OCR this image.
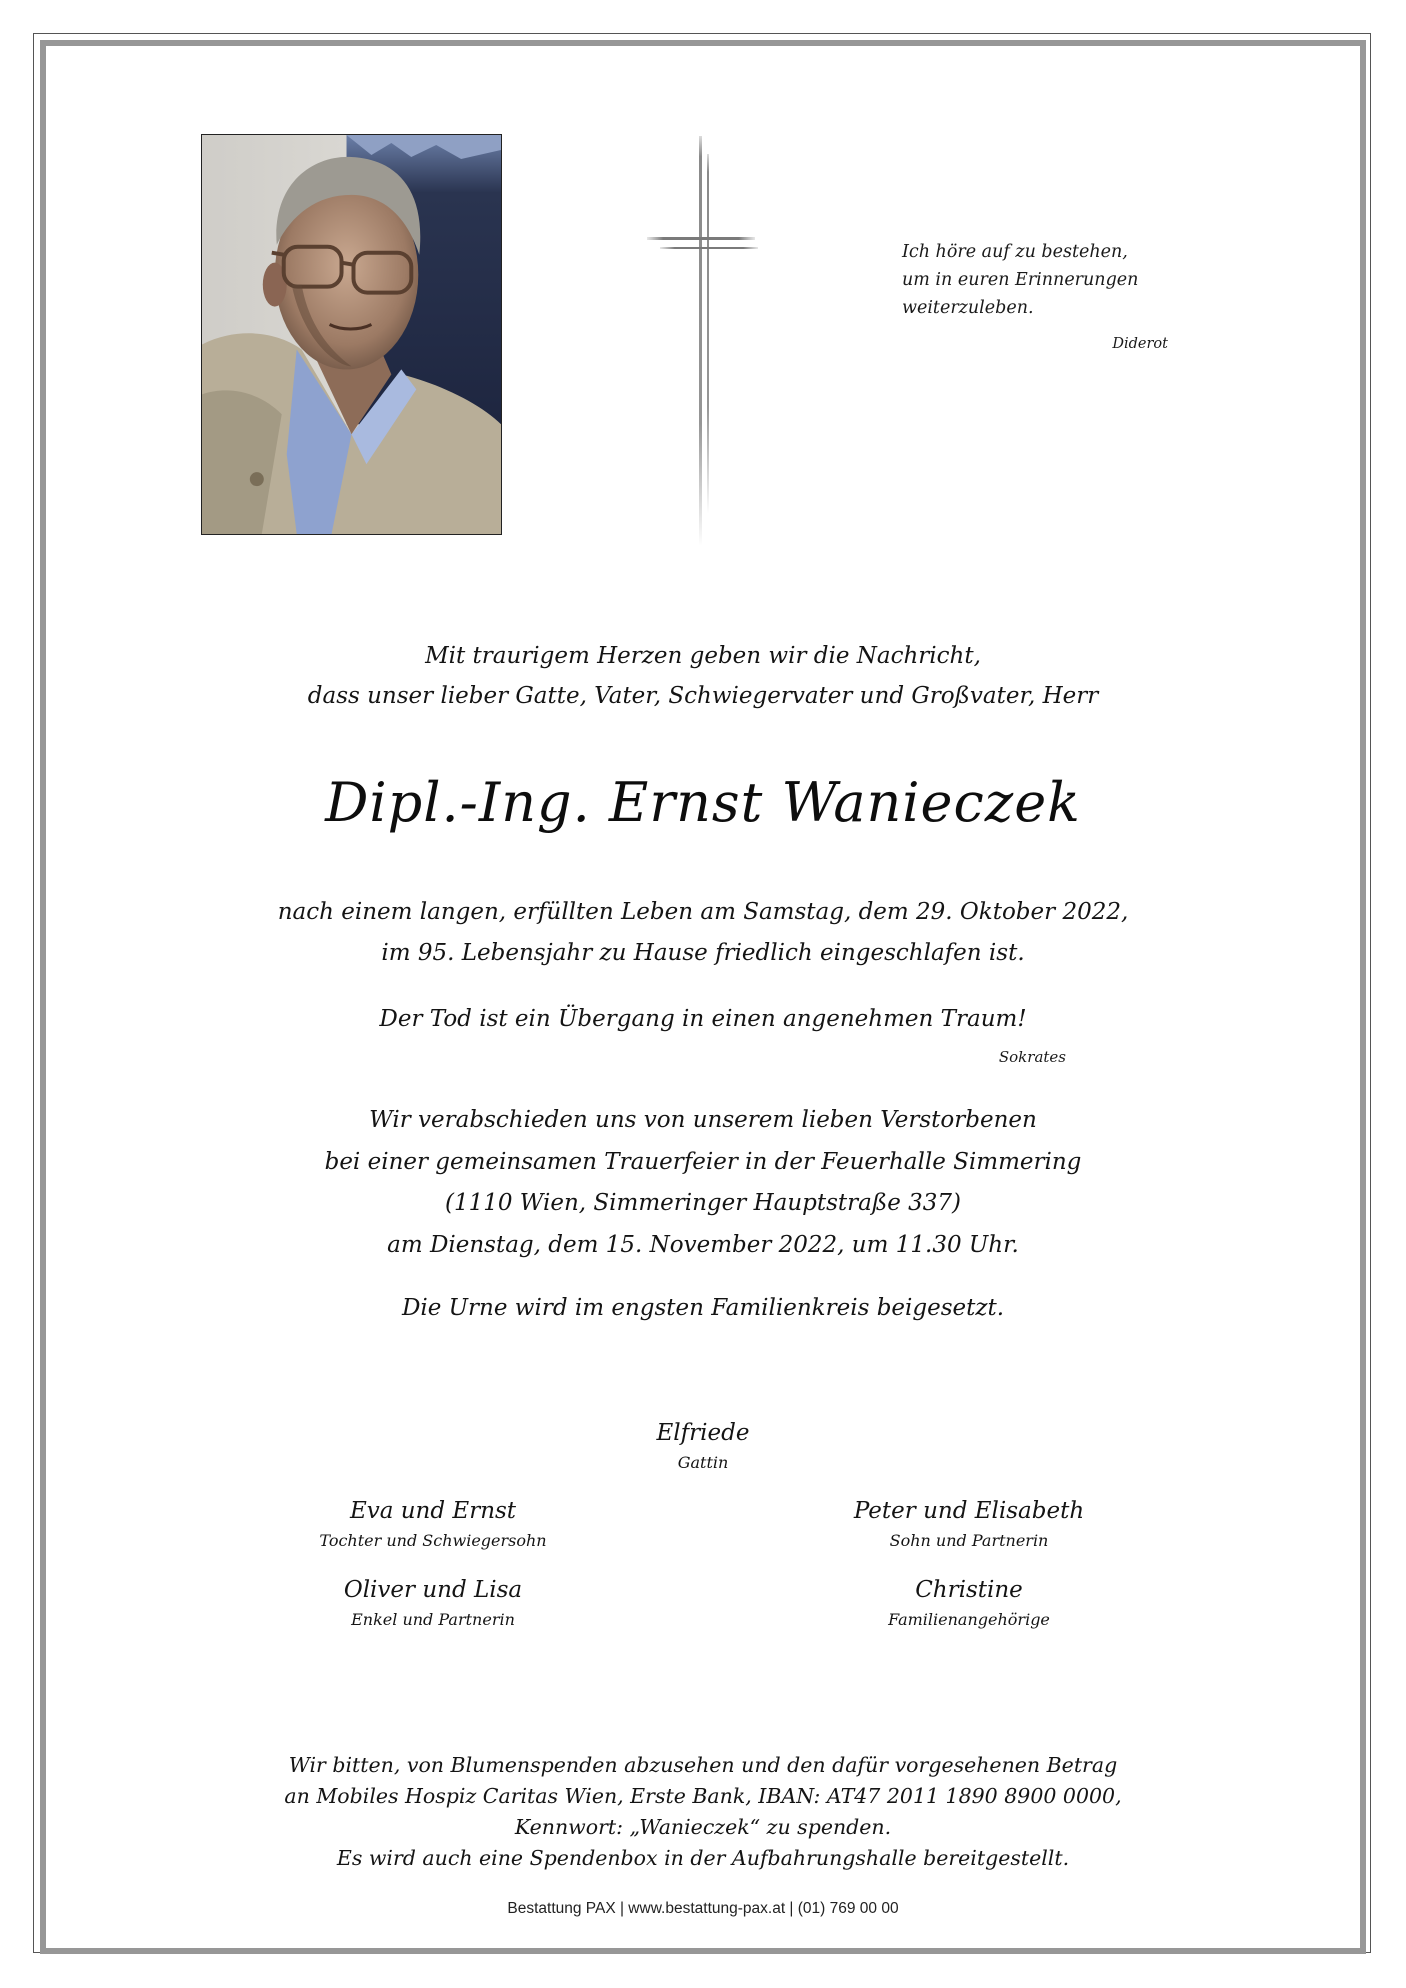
Ich höre auf zu bestehen,
um in euren Erinnerungen
weiterzuleben.
Diderot
Mit traurigem Herzen geben wir die Nachricht,
dass unser lieber Gatte, Vater, Schwiegervater und Großvater, Herr
Dipl.-Ing. Ernst Wanieczek
nach einem langen, erfüllten Leben am Samstag, dem 29. Oktober 2022,
im 95. Lebensjahr zu Hause friedlich eingeschlafen ist.
Der Tod ist ein Übergang in einen angenehmen Traum!
Sokrates
Wir verabschieden uns von unserem lieben Verstorbenen
bei einer gemeinsamen Trauerfeier in der Feuerhalle Simmering
(1110 Wien, Simmeringer Hauptstraße 337)
am Dienstag, dem 15. November 2022, um 11.30 Uhr.
Die Urne wird im engsten Familienkreis beigesetzt.
Elfriede
Gattin
Eva und Ernst
Tochter und Schwiegersohn
Peter und Elisabeth
Sohn und Partnerin
Oliver und Lisa
Enkel und Partnerin
Christine
Familienangehörige
Wir bitten, von Blumenspenden abzusehen und den dafür vorgesehenen Betrag
an Mobiles Hospiz Caritas Wien, Erste Bank, IBAN: AT47 2011 1890 8900 0000,
Kennwort: „Wanieczek“ zu spenden.
Es wird auch eine Spendenbox in der Aufbahrungshalle bereitgestellt.
Bestattung PAX | www.bestattung-pax.at | (01) 769 00 00
